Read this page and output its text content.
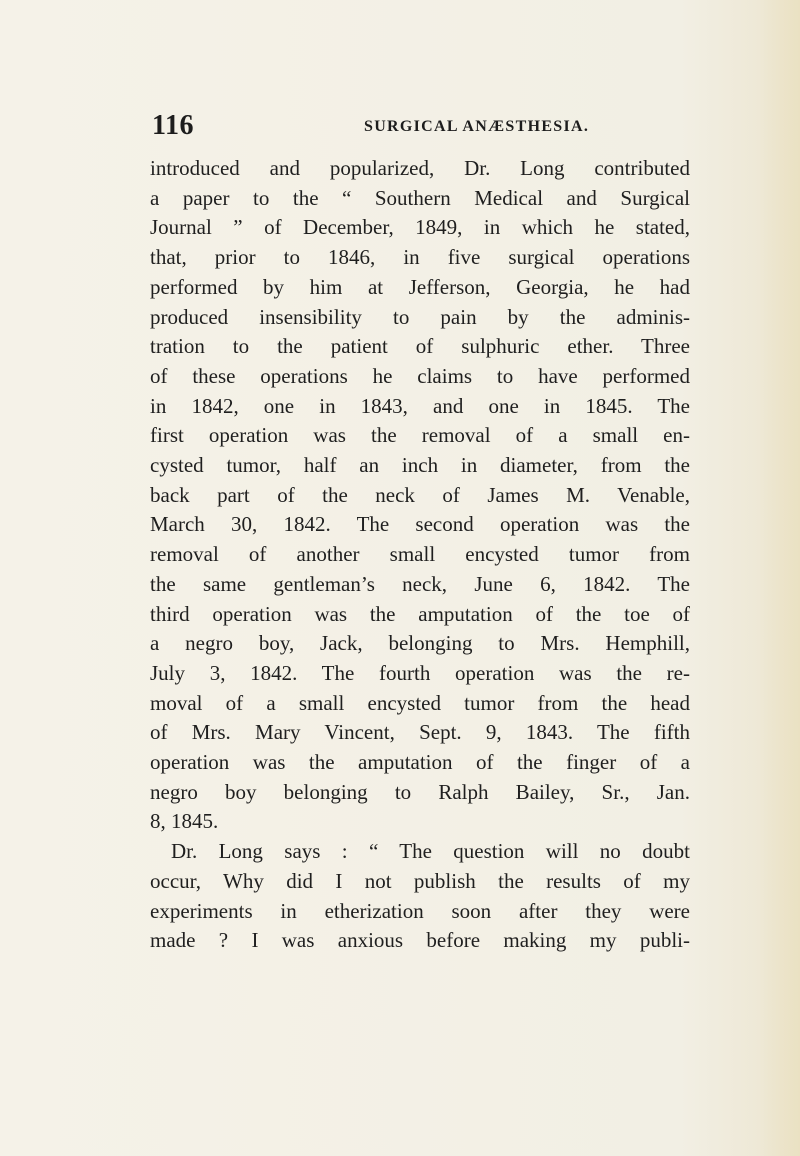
116	SURGICAL ANÆSTHESIA.
introduced and popularized, Dr. Long contributed
a paper to the “ Southern Medical and Surgical
Journal ” of December, 1849, in which he stated,
that, prior to 1846, in five surgical operations
performed by him at Jefferson, Georgia, he had
produced insensibility to pain by the adminis-
tration to the patient of sulphuric ether. Three
of these operations he claims to have performed
in 1842, one in 1843, and one in 1845. The
first operation was the removal of a small en-
cysted tumor, half an inch in diameter, from the
back part of the neck of James M. Venable,
March 30, 1842. The second operation was the
removal of another small encysted tumor from
the same gentleman’s neck, June 6, 1842. The
third operation was the amputation of the toe of
a negro boy, Jack, belonging to Mrs. Hemphill,
July 3, 1842. The fourth operation was the re-
moval of a small encysted tumor from the head
of Mrs. Mary Vincent, Sept. 9, 1843. The fifth
operation was the amputation of the finger of a
negro boy belonging to Ralph Bailey, Sr., Jan.
8, 1845.
Dr. Long says : “ The question will no doubt
occur, Why did I not publish the results of my
experiments in etherization soon after they were
made ? I was anxious before making my publi-
